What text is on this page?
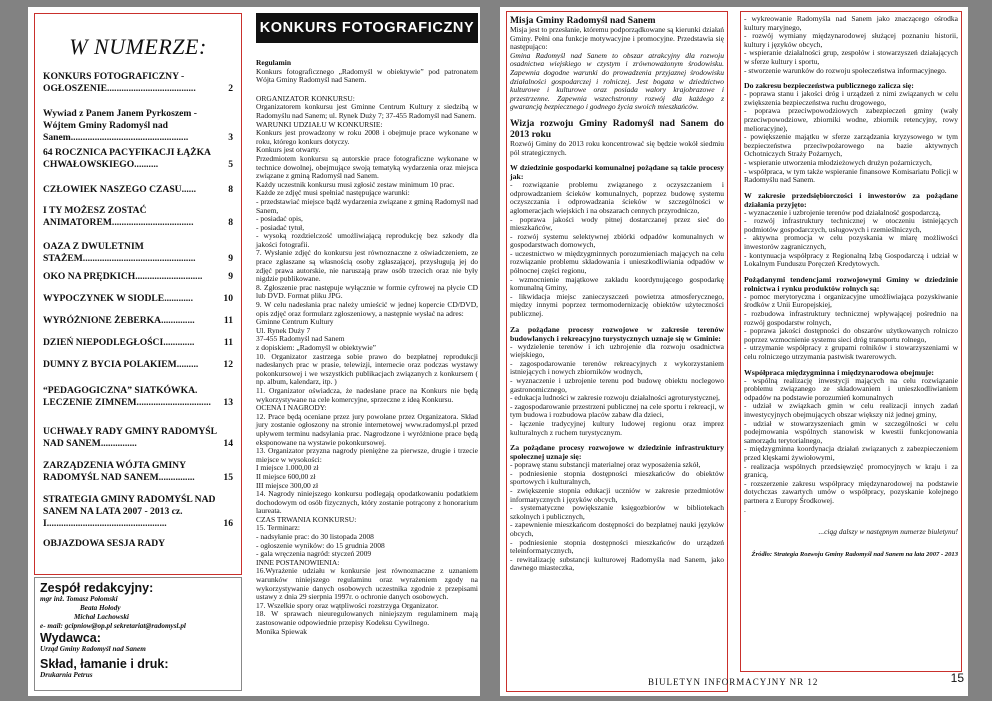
W NUMERZE:
KONKURS FOTOGRAFICZNY - OGŁOSZENIE.....................................	2
Wywiad z Panem Janem Pyrkoszem - Wójtem Gminy Radomyśl nad Sanem.................................................	3
64 ROCZNICA PACYFIKACJI ŁĄŻKA CHWAŁOWSKIEGO..........	5
CZŁOWIEK NASZEGO CZASU......	8
I TY MOŻESZ ZOSTAĆ ANIMATOREM..................................	8
OAZA Z DWULETNIM STAŻEM...............................................	9
OKO NA PRĘDKICH............................	9
WYPOCZYNEK W SIODLE............	10
WYRÓŻNIONE ŻEBERKA..............	11
DZIEŃ NIEPODLEGŁOŚCI.............	11
DUMNY Z BYCIA POLAKIEM.........	12
“PEDAGOGICZNA” SIATKÓWKA. LECZENIE ZIMNEM...............................	13
UCHWAŁY RADY GMINY RADOMYŚL NAD SANEM...............	14
ZARZĄDZENIA WÓJTA GMINY RADOMYŚL NAD SANEM...............	15
STRATEGIA GMINY RADOMYŚL NAD SANEM NA LATA 2007 - 2013 cz. I..................................................	16
OBJAZDOWA SESJA RADY
Zespół redakcyjny:
mgr inż. Tomasz Połomski
Beata Hołody
Michał Lachowski
e- mail: gcipniow@op.pl sekretariat@radomysl.pl
Wydawca:
Urząd Gminy Radomyśl nad Sanem
Skład, łamanie i druk:
Drukarnia Petrus
KONKURS FOTOGRAFICZNY

Regulamin

Konkurs fotograficznego „Radomyśl w obiektywie” pod patronatem Wójta Gminy Radomyśl nad Sanem.

ORGANIZATOR KONKURSU:

Organizatorem konkursu jest Gminne Centrum Kultury z siedzibą w Radomyślu nad Sanem; ul. Rynek Duży 7; 37-455 Radomyśl nad Sanem.

WARUNKI UDZIAŁU W KONKURSIE:

Konkurs jest prowadzony w roku 2008 i obejmuje prace wykonane w roku, którego konkurs dotyczy.

Konkurs jest otwarty.

Przedmiotem konkursu są autorskie prace fotograficzne wykonane w technice dowolnej, obejmujące swoją tematyką wydarzenia oraz miejsca związane z gminą Radomyśl nad Sanem.

Każdy uczestnik konkursu musi zgłosić zestaw minimum 10 prac.

Każde ze zdjęć musi spełniać następujące warunki:

- przedstawiać miejsce bądź wydarzenia związane z gminą Radomyśl nad Sanem,

- posiadać opis,

- posiadać tytuł,

- wysoką rozdzielczość umożliwiającą reprodukcję bez szkody dla jakości fotografii.

7. Wysłanie zdjęć do konkursu jest równoznaczne z oświadczeniem, ze prace zgłaszane są własnością osoby zgłaszającej, przysługują jej do zdjęć prawa autorskie, nie naruszają praw osób trzecich oraz nie były nigdzie publikowane.

8. Zgłoszenie prac następuje wyłącznie w formie cyfrowej na płycie CD lub DVD. Format pliku JPG.

9. W celu nadesłania prac należy umieścić w jednej kopercie CD/DVD, opis zdjęć oraz formularz zgłoszeniowy, a następnie wysłać na adres:

Gminne Centrum Kultury

Ul. Rynek Duży 7

37-455 Radomyśl nad Sanem

z dopiskiem: „Radomyśl w obiektywie”

10. Organizator zastrzega sobie prawo do bezpłatnej reprodukcji nadesłanych prac w prasie, telewizji, internecie oraz podczas wystawy pokonkursowej i we wszystkich publikacjach związanych z konkursem ( np. album, kalendarz, itp. )

11. Organizator oświadcza, że nadesłane prace na Konkurs nie będą wykorzystywane na cele komercyjne, sprzeczne z ideą Konkursu.

OCENA I NAGRODY:

12. Prace będą oceniane przez jury powołane przez Organizatora. Skład jury zostanie ogłoszony na stronie internetowej www.radomysl.pl przed upływem terminu nadsyłania prac. Nagrodzone i wyróżnione prace będą eksponowane na wystawie pokonkursowej.

13. Organizator przyzna nagrody pieniężne za pierwsze, drugie i trzecie miejsce w wysokości:

I miejsce 1.000,00 zł

II miejsce 600,00 zł

III miejsce 300,00 zł

14. Nagrody niniejszego konkursu podlegają opodatkowaniu podatkiem dochodowym od osób fizycznych, który zostanie potrącony z honorarium laureata.

CZAS TRWANIA KONKURSU:

15. Terminarz:

- nadsyłanie prac: do 30 listopada 2008

- ogłoszenie wyników: do 15 grudnia 2008

- gala wręczenia nagród: styczeń 2009

INNE POSTANOWIENIA:

16.Wyrażenie udziału w konkursie jest równoznaczne z uznaniem warunków niniejszego regulaminu oraz wyrażeniem zgody na wykorzystywanie danych osobowych uczestnika zgodnie z przepisami ustawy z dnia 29 sierpnia 1997r. o ochronie danych osobowych.

17. Wszelkie spory oraz wątpliwości rozstrzyga Organizator.

18. W sprawach nieuregulowanych niniejszym regulaminem mają zastosowanie odpowiednie przepisy Kodeksu Cywilnego.

Monika Spiewak

Misja Gminy Radomyśl nad Sanem

Misja jest to przesłanie, któremu podporządkowane są kierunki działań Gminy. Pełni ona funkcje motywacyjne i promocyjne. Przedstawia się następująco:

Gmina Radomyśl nad Sanem to obszar atrakcyjny dla rozwoju osadnictwa wiejskiego w czystym i zrównoważonym środowisku. Zapewnia dogodne warunki do prowadzenia przyjaznej środowisku działalności gospodarczej i rolniczej. Jest bogata w dziedzictwo kulturowe i kulturowe oraz posiada walory krajobrazowe i przestrzenne. Zapewnia wszechstronny rozwój dla każdego z gwarancją bezpiecznego i godnego życia swoich mieszkańców.

Wizja rozwoju Gminy Radomyśl nad Sanem do 2013 roku

Rozwój Gminy do 2013 roku koncentrować się będzie wokół siedmiu pól strategicznych.

W dziedzinie gospodarki komunalnej pożądane są takie procesy jak:

- rozwiązanie problemu związanego z oczyszczaniem i odprowadzaniem ścieków komunalnych, poprzez budowę systemu oczyszczania i odprowadzania ścieków w szczególności w aglomeracjach wiejskich i na obszarach cennych przyrodniczo,

- poprawa jakości wody pitnej dostarczanej przez sieć do mieszkańców,

- rozwój systemu selektywnej zbiórki odpadów komunalnych w gospodarstwach domowych,

- uczestnictwo w międzygminnych porozumieniach mających na celu rozwiązanie problemu składowania i unieszkodliwiania odpadów w północnej części regionu,

- wzmocnienie majątkowe zakładu koordynującego gospodarkę komunalną Gminy,

- likwidacja miejsc zanieczyszczeń powietrza atmosferycznego, między innymi poprzez termomodernizację obiektów użyteczności publicznej.

Za pożądane procesy rozwojowe w zakresie terenów budowlanych i rekreacyjno turystycznych uznaje się w Gminie:

- wydzielenie terenów i ich uzbrojenie dla rozwoju osadnictwa wiejskiego,

- zagospodarowanie terenów rekreacyjnych z wykorzystaniem istniejących i nowych zbiorników wodnych,

- wyznaczenie i uzbrojenie terenu pod budowę obiektu noclegowo gastronomicznego,

- edukacja ludności w zakresie rozwoju działalności agroturystycznej,

- zagospodarowanie przestrzeni publicznej na cele sportu i rekreacji, w tym budowa i rozbudowa placów zabaw dla dzieci,

- łączenie tradycyjnej kultury ludowej regionu oraz imprez kulturalnych z ruchem turystycznym.

Za pożądane procesy rozwojowe w dziedzinie infrastruktury społecznej uznaje się:

- poprawę stanu substancji materialnej oraz wyposażenia szkół,

- podniesienie stopnia dostępności mieszkańców do obiektów sportowych i kulturalnych,

- zwiększenie stopnia edukacji uczniów w zakresie przedmiotów informatycznych i języków obcych,

- systematyczne powiększanie księgozbiorów w bibliotekach szkolnych i publicznych,

- zapewnienie mieszkańcom dostępności do bezpłatnej nauki języków obcych,

- podniesienie stopnia dostępności mieszkańców do urządzeń teleinformatycznych,

- rewitalizację substancji kulturowej Radomyśla nad Sanem, jako dawnego miasteczka,

- wykreowanie Radomyśla nad Sanem jako znaczącego ośrodka kultury maryjnego,

- rozwój wymiany międzynarodowej służącej poznaniu historii, kultury i języków obcych,

- wspieranie działalności grup, zespołów i stowarzyszeń działających w sferze kultury i sportu,

- stworzenie warunków do rozwoju społeczeństwa informacyjnego.

Do zakresu bezpieczeństwa publicznego zalicza się:

- poprawa stanu i jakości dróg i urządzeń z nimi związanych w celu zwiększenia bezpieczeństwa ruchu drogowego,

- poprawa przeciwpowodziowych zabezpieczeń gminy (wały przeciwpowodziowe, zbiorniki wodne, zbiornik retencyjny, rowy melioracyjne),

- powiększenie majątku w sferze zarządzania kryzysowego w tym bezpieczeństwa przeciwpożarowego na bazie aktywnych Ochotniczych Straży Pożarnych,

- wspieranie utworzenia młodzieżowych drużyn pożarniczych,

- współpraca, w tym także wspieranie finansowe Komisariatu Policji w Radomyślu nad Sanem.

W zakresie przedsiębiorczości i inwestorów za pożądane działania przyjęto:

- wyznaczenie i uzbrojenie terenów pod działalność gospodarczą,

- rozwój infrastruktury technicznej w otoczeniu istniejących podmiotów gospodarczych, usługowych i rzemieślniczych,

- aktywna promocja w celu pozyskania w miarę możliwości inwestorów zagranicznych,

- kontynuacja współpracy z Regionalną Izbą Gospodarczą i udział w Lokalnym Funduszu Poręczeń Kredytowych.

Pożądanymi tendencjami rozwojowymi Gminy w dziedzinie rolnictwa i rynku produktów rolnych są:

- pomoc merytoryczna i organizacyjne umożliwiająca pozyskiwanie środków z Unii Europejskiej,

- rozbudowa infrastruktury technicznej wpływającej pośrednio na rozwój gospodarstw rolnych,

- poprawa jakości dostępności do obszarów użytkowanych rolniczo poprzez wzmocnienie systemu sieci dróg transportu rolnego,

- utrzymanie współpracy z grupami rolników i stowarzyszeniami w celu rolniczego utrzymania pastwisk twarerowych.

Współpraca międzygminna i międzynarodowa obejmuje:

- wspólną realizację inwestycji mających na celu rozwiązanie problemu związanego ze składowaniem i unieszkodliwianiem odpadów na podstawie porozumień komunalnych

- udział w związkach gmin w celu realizacji innych zadań inwestycyjnych obejmujących obszar większy niż jednej gminy,

- udział w stowarzyszeniach gmin w szczególności w celu podejmowania wspólnych stanowisk w kwestii funkcjonowania samorządu terytorialnego,

- międzygminna koordynacja działań związanych z zabezpieczeniem przed klęskami żywiołowymi,

- realizacja wspólnych przedsięwzięć promocyjnych w kraju i za granicą,

- rozszerzenie zakresu współpracy międzynarodowej na podstawie dotychczas zawartych umów o współpracy, pozyskanie kolejnego partnera z Europy Środkowej.

.

...ciąg dalszy w następnym numerze biuletynu!

Źródło: Strategia Rozwoju Gminy Radomyśl nad Sanem na lata 2007 - 2013

BIULETYN INFORMACYJNY NR 12	15
